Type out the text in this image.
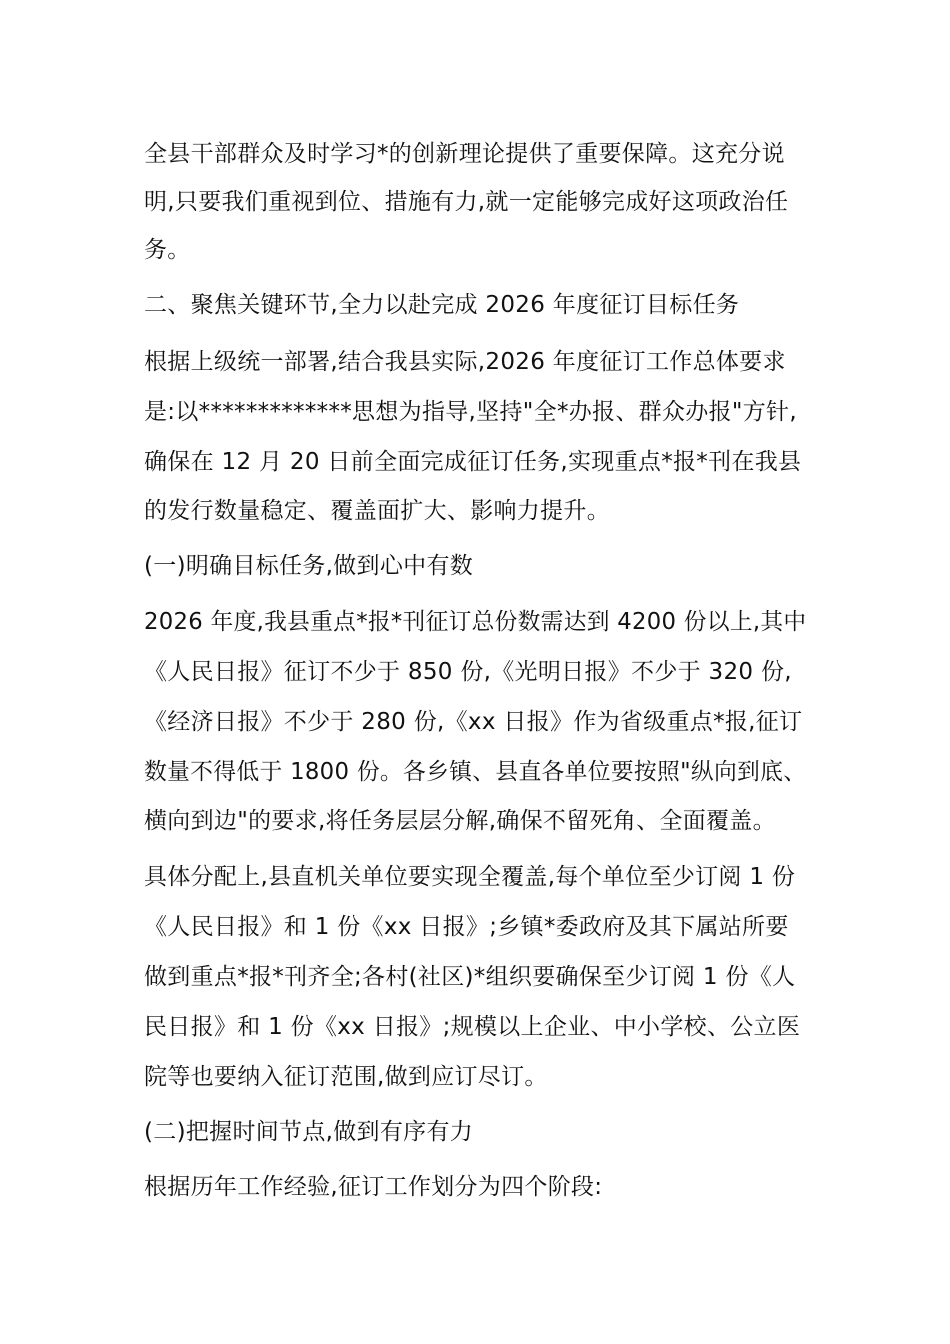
全县干部群众及时学习*的创新理论提供了重要保障。这充分说
明,只要我们重视到位、措施有力,就一定能够完成好这项政治任
务。
二、聚焦关键环节,全力以赴完成 2026 年度征订目标任务
根据上级统一部署,结合我县实际,2026 年度征订工作总体要求
是:以*************思想为指导,坚持"全*办报、群众办报"方针,
确保在 12 月 20 日前全面完成征订任务,实现重点*报*刊在我县
的发行数量稳定、覆盖面扩大、影响力提升。
(一)明确目标任务,做到心中有数
2026 年度,我县重点*报*刊征订总份数需达到 4200 份以上,其中
《人民日报》征订不少于 850 份,《光明日报》不少于 320 份,
《经济日报》不少于 280 份,《xx 日报》作为省级重点*报,征订
数量不得低于 1800 份。各乡镇、县直各单位要按照"纵向到底、
横向到边"的要求,将任务层层分解,确保不留死角、全面覆盖。
具体分配上,县直机关单位要实现全覆盖,每个单位至少订阅 1 份
《人民日报》和 1 份《xx 日报》;乡镇*委政府及其下属站所要
做到重点*报*刊齐全;各村(社区)*组织要确保至少订阅 1 份《人
民日报》和 1 份《xx 日报》;规模以上企业、中小学校、公立医
院等也要纳入征订范围,做到应订尽订。
(二)把握时间节点,做到有序有力
根据历年工作经验,征订工作划分为四个阶段:
